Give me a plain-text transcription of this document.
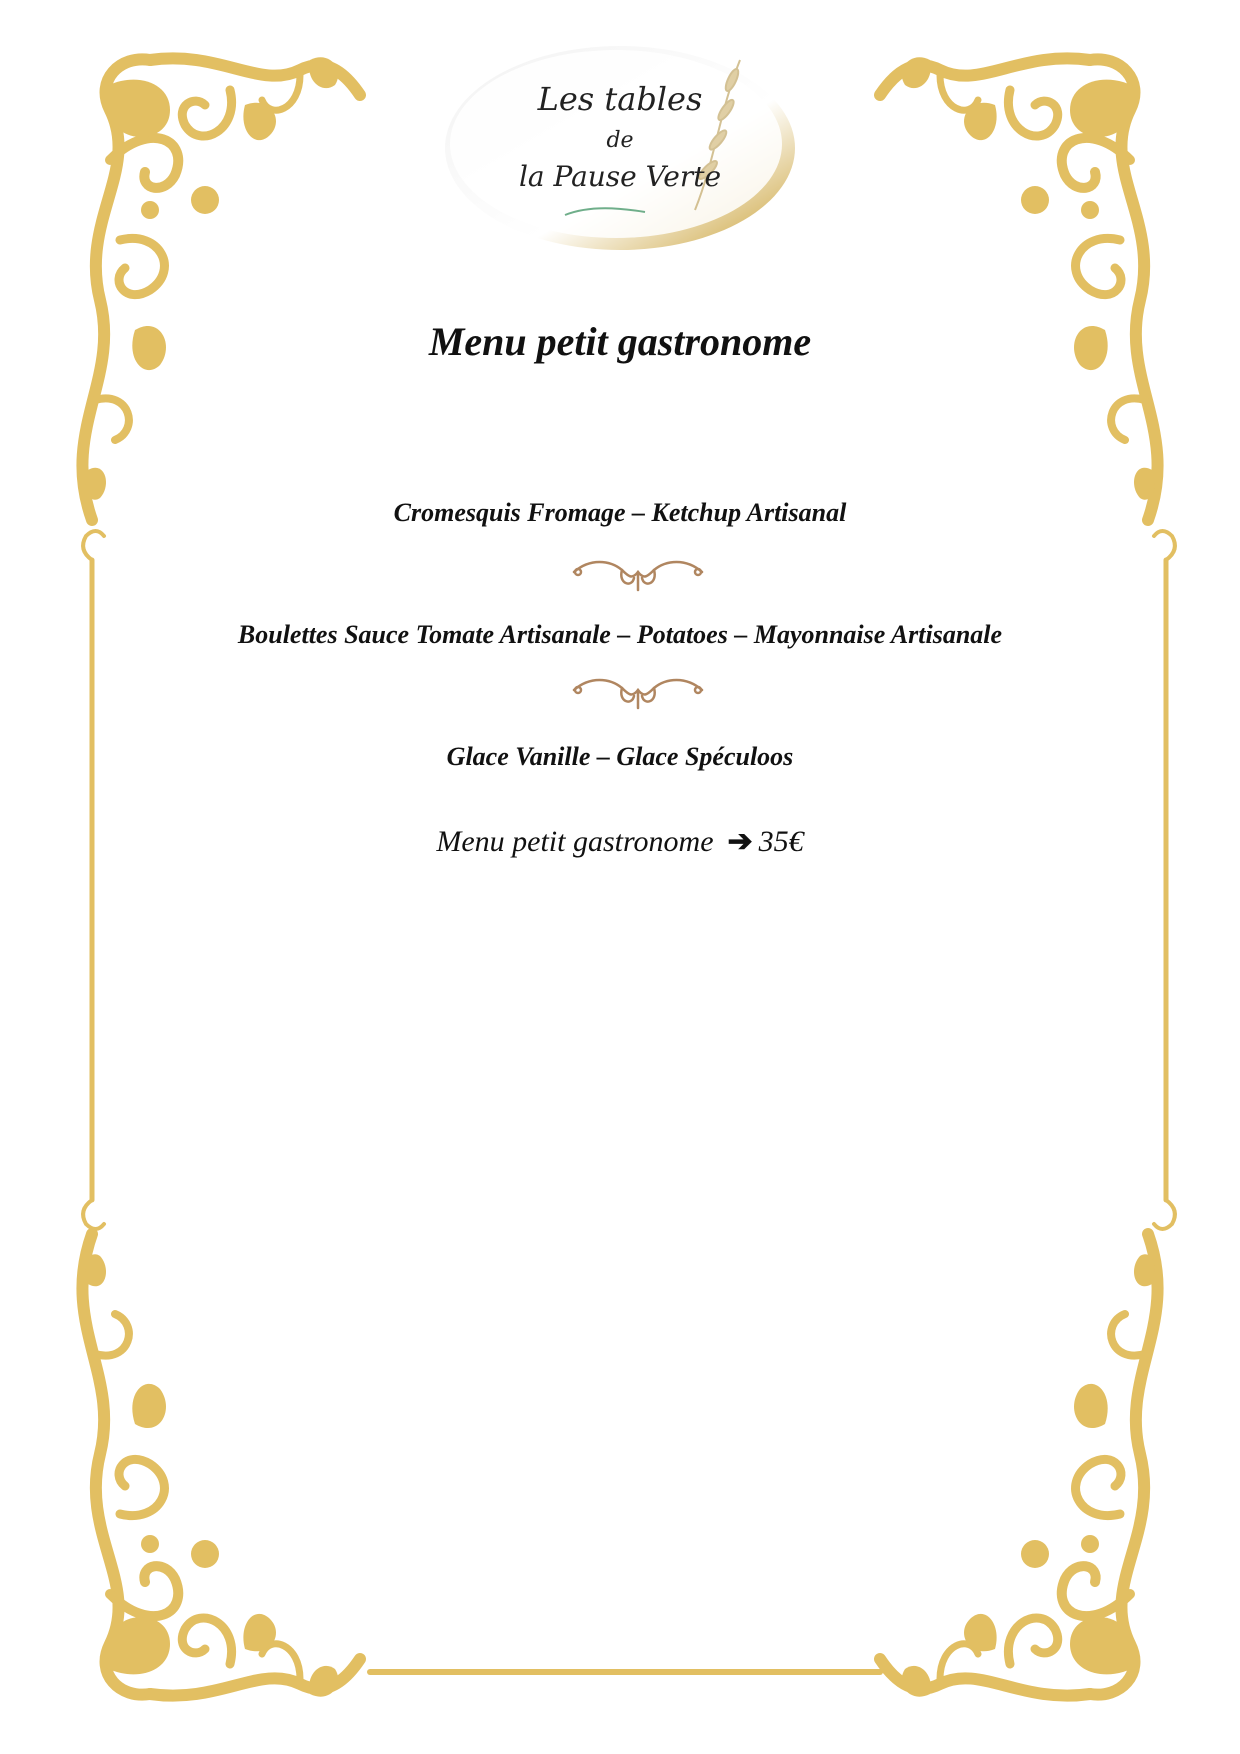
Les tables
de
la Pause Verte
Menu petit gastronome
Cromesquis Fromage – Ketchup Artisanal
Boulettes Sauce Tomate Artisanale – Potatoes – Mayonnaise Artisanale
Glace Vanille – Glace Spéculoos
Menu petit gastronome ➔ 35€
